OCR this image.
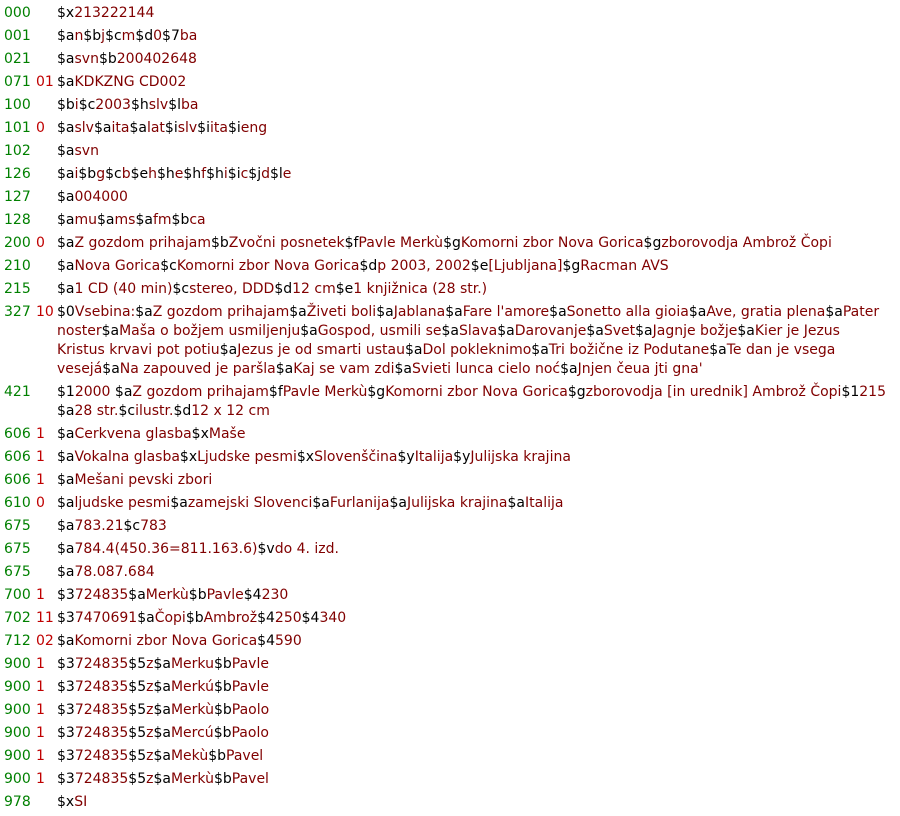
000	$x213222144
001	$an$bj$cm$d0$7ba
021	$asvn$b200402648
071 01 $aKDKZNG CD002
100	$bi$c2003$hslv$lba
101 0 $aslv$aita$alat$islv$iita$ieng
102	$asvn
126	$ai$bg$cb$eh$he$hf$hi$ic$jd$le
127	$a004000
128	$amu$ams$afm$bca
200 0 $aZ gozdom prihajam$bZvočni posnetek$fPavle Merkù$gKomorni zbor Nova Gorica$gzborovodja Ambrož Čopi
210	$aNova Gorica$cKomorni zbor Nova Gorica$dp 2003, 2002$e[Ljubljana]$gRacman AVS
215	$a1 CD (40 min)$cstereo, DDD$d12 cm$e1 knjižnica (28 str.)
327 10 $0Vsebina:$aZ gozdom prihajam$aŽiveti boli$aJablana$aFare l'amore$aSonetto alla gioia$aAve, gratia plena$aPater noster$aMaša o božjem usmiljenju$aGospod, usmili se$aSlava$aDarovanje$aSvet$aJagnje božje$aKier je Jezus Kristus krvavi pot potiu$aJezus je od smarti ustau$aDol pokleknimo$aTri božične iz Podutane$aTe dan je vsega vesejá$aNa zapouved je paršla$aKaj se vam zdi$aSvieti lunca cielo noć$aJnjen čeua jti gna'
421	$12000 $aZ gozdom prihajam$fPavle Merkù$gKomorni zbor Nova Gorica$gzborovodja [in urednik] Ambrož Čopi$1215 $a28 str.$cilustr.$d12 x 12 cm
606 1 $aCerkvena glasba$xMaše
606 1 $aVokalna glasba$xLjudske pesmi$xSlovenščina$yItalija$yJulijska krajina
606 1 $aMešani pevski zbori
610 0 $aljudske pesmi$azamejski Slovenci$aFurlanija$aJulijska krajina$aItalija
675	$a783.21$c783
675	$a784.4(450.36=811.163.6)$vdo 4. izd.
675	$a78.087.684
700 1 $3724835$aMerkù$bPavle$4230
702 11 $37470691$aČopi$bAmbrož$4250$4340
712 02 $aKomorni zbor Nova Gorica$4590
900 1 $3724835$5z$aMerku$bPavle
900 1 $3724835$5z$aMerkú$bPavle
900 1 $3724835$5z$aMerkù$bPaolo
900 1 $3724835$5z$aMercú$bPaolo
900 1 $3724835$5z$aMekù$bPavel
900 1 $3724835$5z$aMerkù$bPavel
978	$xSI
